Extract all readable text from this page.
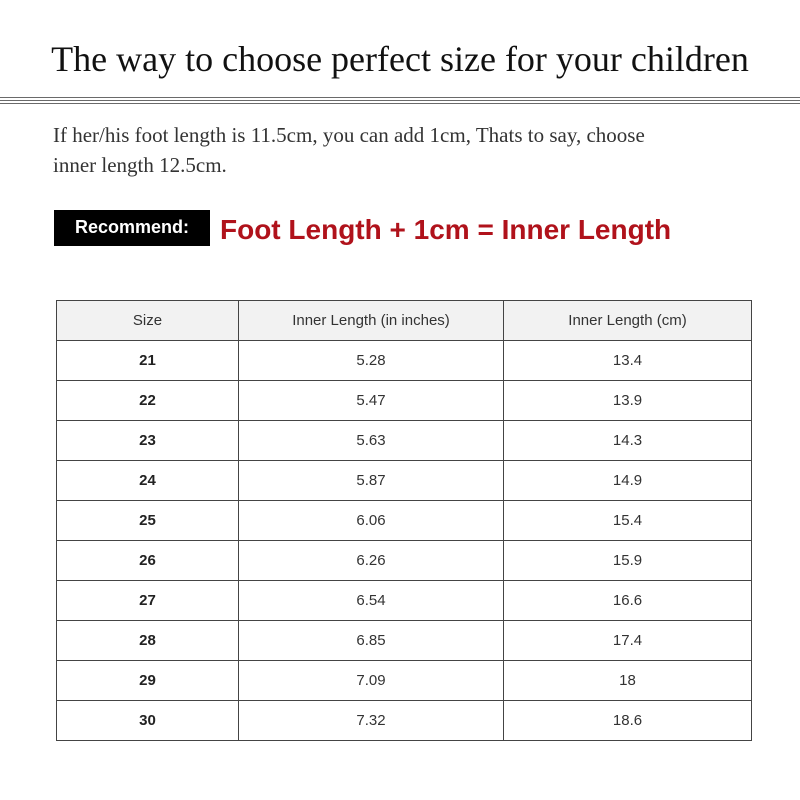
The way to choose perfect size for your children
If her/his foot length is 11.5cm, you can add 1cm, Thats to say, choose
inner length 12.5cm.
Recommend:	Foot Length + 1cm = Inner Length
Size	Inner Length (in inches)	Inner Length (cm)
21	5.28	13.4
22	5.47	13.9
23	5.63	14.3
24	5.87	14.9
25	6.06	15.4
26	6.26	15.9
27	6.54	16.6
28	6.85	17.4
29	7.09	18
30	7.32	18.6
